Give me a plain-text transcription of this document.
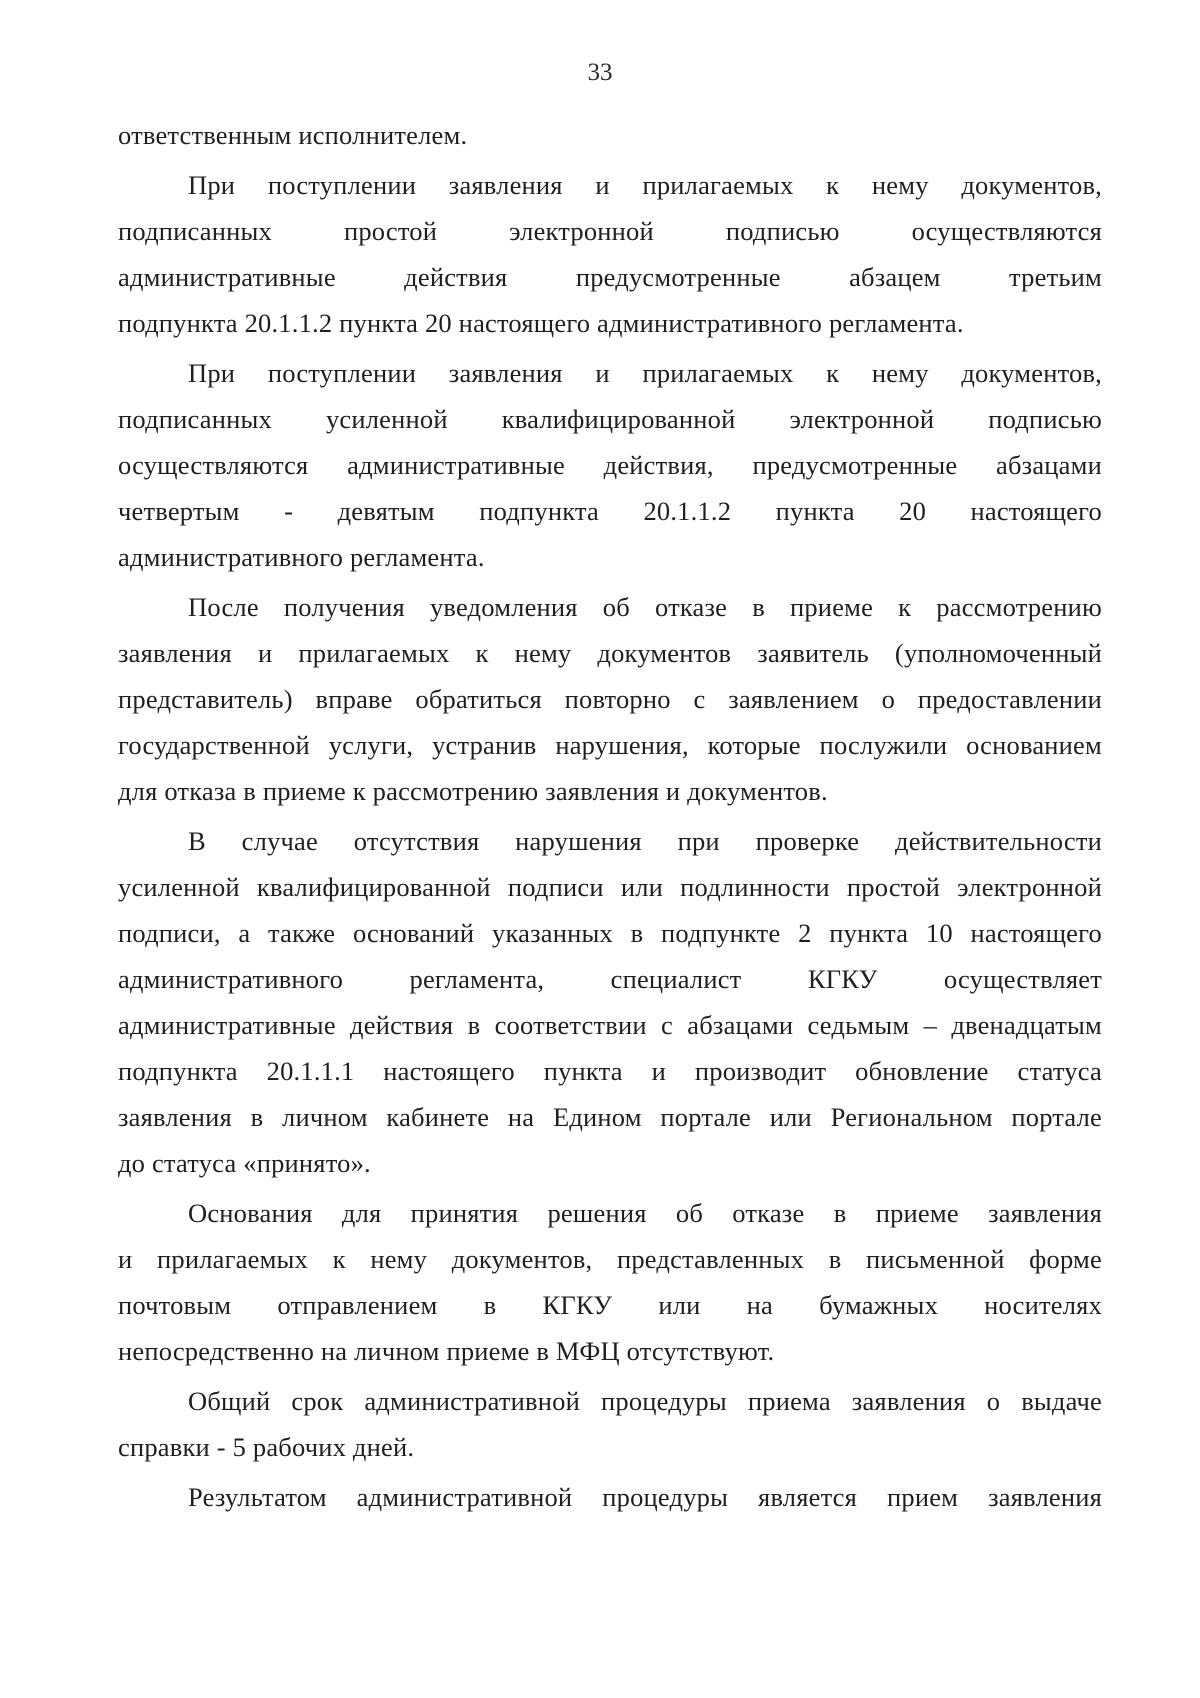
33
ответственным исполнителем.
При поступлении заявления и прилагаемых к нему документов,
подписанных простой электронной подписью осуществляются
административные действия предусмотренные абзацем третьим
подпункта 20.1.1.2 пункта 20 настоящего административного регламента.
При поступлении заявления и прилагаемых к нему документов,
подписанных усиленной квалифицированной электронной подписью
осуществляются административные действия, предусмотренные абзацами
четвертым - девятым подпункта 20.1.1.2 пункта 20 настоящего
административного регламента.
После получения уведомления об отказе в приеме к рассмотрению
заявления и прилагаемых к нему документов заявитель (уполномоченный
представитель) вправе обратиться повторно с заявлением о предоставлении
государственной услуги, устранив нарушения, которые послужили основанием
для отказа в приеме к рассмотрению заявления и документов.
В случае отсутствия нарушения при проверке действительности
усиленной квалифицированной подписи или подлинности простой электронной
подписи, а также оснований указанных в подпункте 2 пункта 10 настоящего
административного регламента, специалист КГКУ осуществляет
административные действия в соответствии с абзацами седьмым – двенадцатым
подпункта 20.1.1.1 настоящего пункта и производит обновление статуса
заявления в личном кабинете на Едином портале или Региональном портале
до статуса «принято».
Основания для принятия решения об отказе в приеме заявления
и прилагаемых к нему документов, представленных в письменной форме
почтовым отправлением в КГКУ или на бумажных носителях
непосредственно на личном приеме в МФЦ отсутствуют.
Общий срок административной процедуры приема заявления о выдаче
справки - 5 рабочих дней.
Результатом административной процедуры является прием заявления
